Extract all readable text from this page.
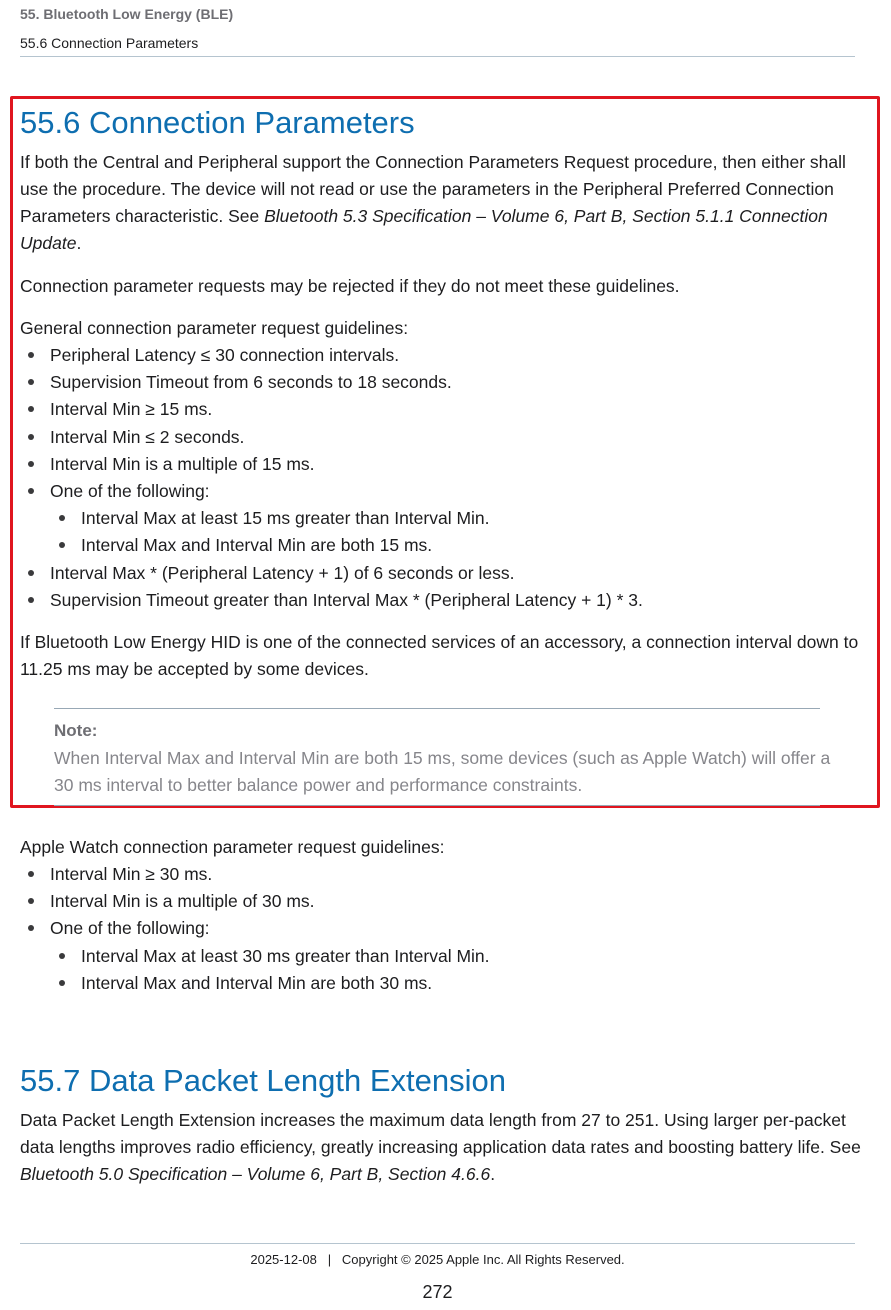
55. Bluetooth Low Energy (BLE)
55.6 Connection Parameters
55.6 Connection Parameters

If both the Central and Peripheral support the Connection Parameters Request procedure, then either shall use the procedure. The device will not read or use the parameters in the Peripheral Preferred Connection Parameters characteristic. See Bluetooth 5.3 Specification – Volume 6, Part B, Section 5.1.1 Connection Update.

Connection parameter requests may be rejected if they do not meet these guidelines.

General connection parameter request guidelines:

Peripheral Latency ≤ 30 connection intervals.
Supervision Timeout from 6 seconds to 18 seconds.
Interval Min ≥ 15 ms.
Interval Min ≤ 2 seconds.
Interval Min is a multiple of 15 ms.
One of the following:
Interval Max at least 15 ms greater than Interval Min.
Interval Max and Interval Min are both 15 ms.
Interval Max * (Peripheral Latency + 1) of 6 seconds or less.
Supervision Timeout greater than Interval Max * (Peripheral Latency + 1) * 3.

If Bluetooth Low Energy HID is one of the connected services of an accessory, a connection interval down to 11.25 ms may be accepted by some devices.

Note:

When Interval Max and Interval Min are both 15 ms, some devices (such as Apple Watch) will offer a 30 ms interval to better balance power and performance constraints.

Apple Watch connection parameter request guidelines:

Interval Min ≥ 30 ms.
Interval Min is a multiple of 30 ms.
One of the following:
Interval Max at least 30 ms greater than Interval Min.
Interval Max and Interval Min are both 30 ms.
55.7 Data Packet Length Extension

Data Packet Length Extension increases the maximum data length from 27 to 251. Using larger per-packet data lengths improves radio efficiency, greatly increasing application data rates and boosting battery life. See Bluetooth 5.0 Specification – Volume 6, Part B, Section 4.6.6.

2025-12-08   |   Copyright © 2025 Apple Inc. All Rights Reserved.
272
